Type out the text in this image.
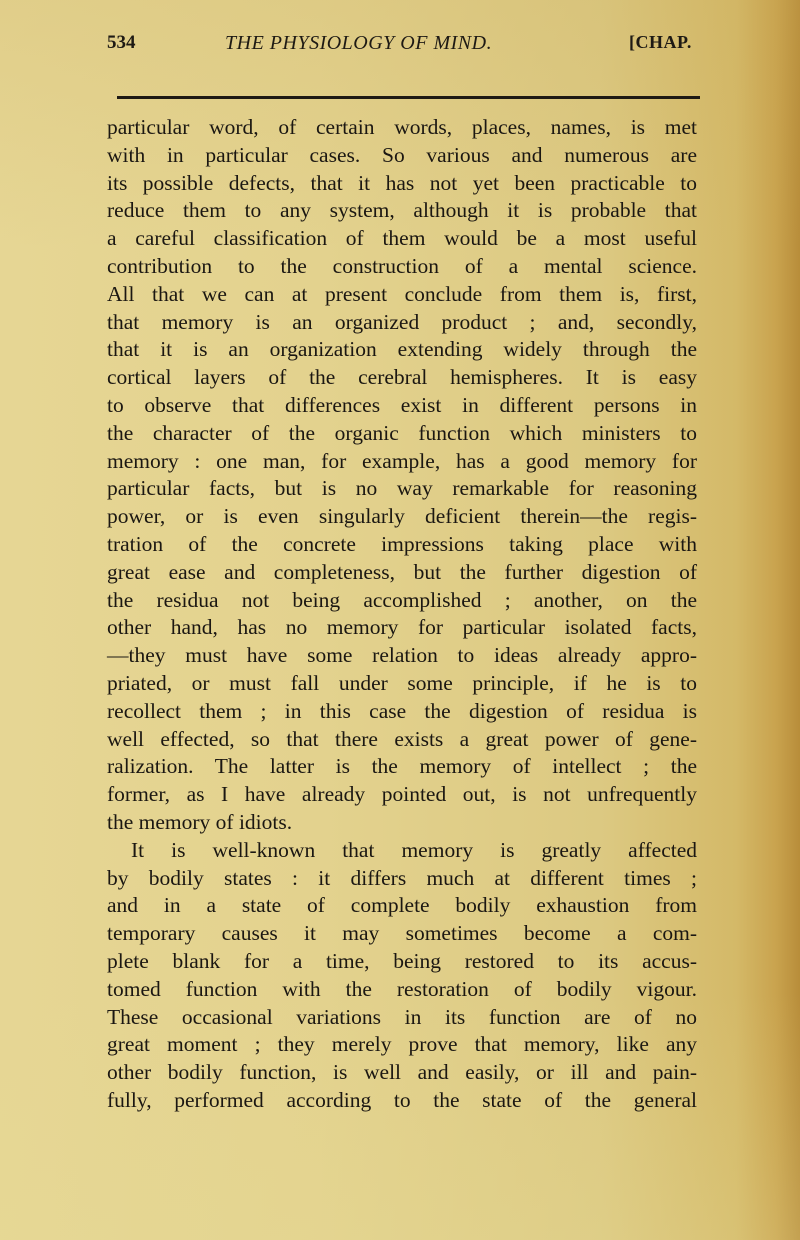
534	THE PHYSIOLOGY OF MIND.	[CHAP.
particular word, of certain words, places, names, is met
with in particular cases. So various and numerous are
its possible defects, that it has not yet been practicable to
reduce them to any system, although it is probable that
a careful classification of them would be a most useful
contribution to the construction of a mental science.
All that we can at present conclude from them is, first,
that memory is an organized product ; and, secondly,
that it is an organization extending widely through the
cortical layers of the cerebral hemispheres. It is easy
to observe that differences exist in different persons in
the character of the organic function which ministers to
memory : one man, for example, has a good memory for
particular facts, but is no way remarkable for reasoning
power, or is even singularly deficient therein—the regis-
tration of the concrete impressions taking place with
great ease and completeness, but the further digestion of
the residua not being accomplished ; another, on the
other hand, has no memory for particular isolated facts,
—they must have some relation to ideas already appro-
priated, or must fall under some principle, if he is to
recollect them ; in this case the digestion of residua is
well effected, so that there exists a great power of gene-
ralization. The latter is the memory of intellect ; the
former, as I have already pointed out, is not unfrequently
the memory of idiots.
It is well-known that memory is greatly affected
by bodily states : it differs much at different times ;
and in a state of complete bodily exhaustion from
temporary causes it may sometimes become a com-
plete blank for a time, being restored to its accus-
tomed function with the restoration of bodily vigour.
These occasional variations in its function are of no
great moment ; they merely prove that memory, like any
other bodily function, is well and easily, or ill and pain-
fully, performed according to the state of the general
